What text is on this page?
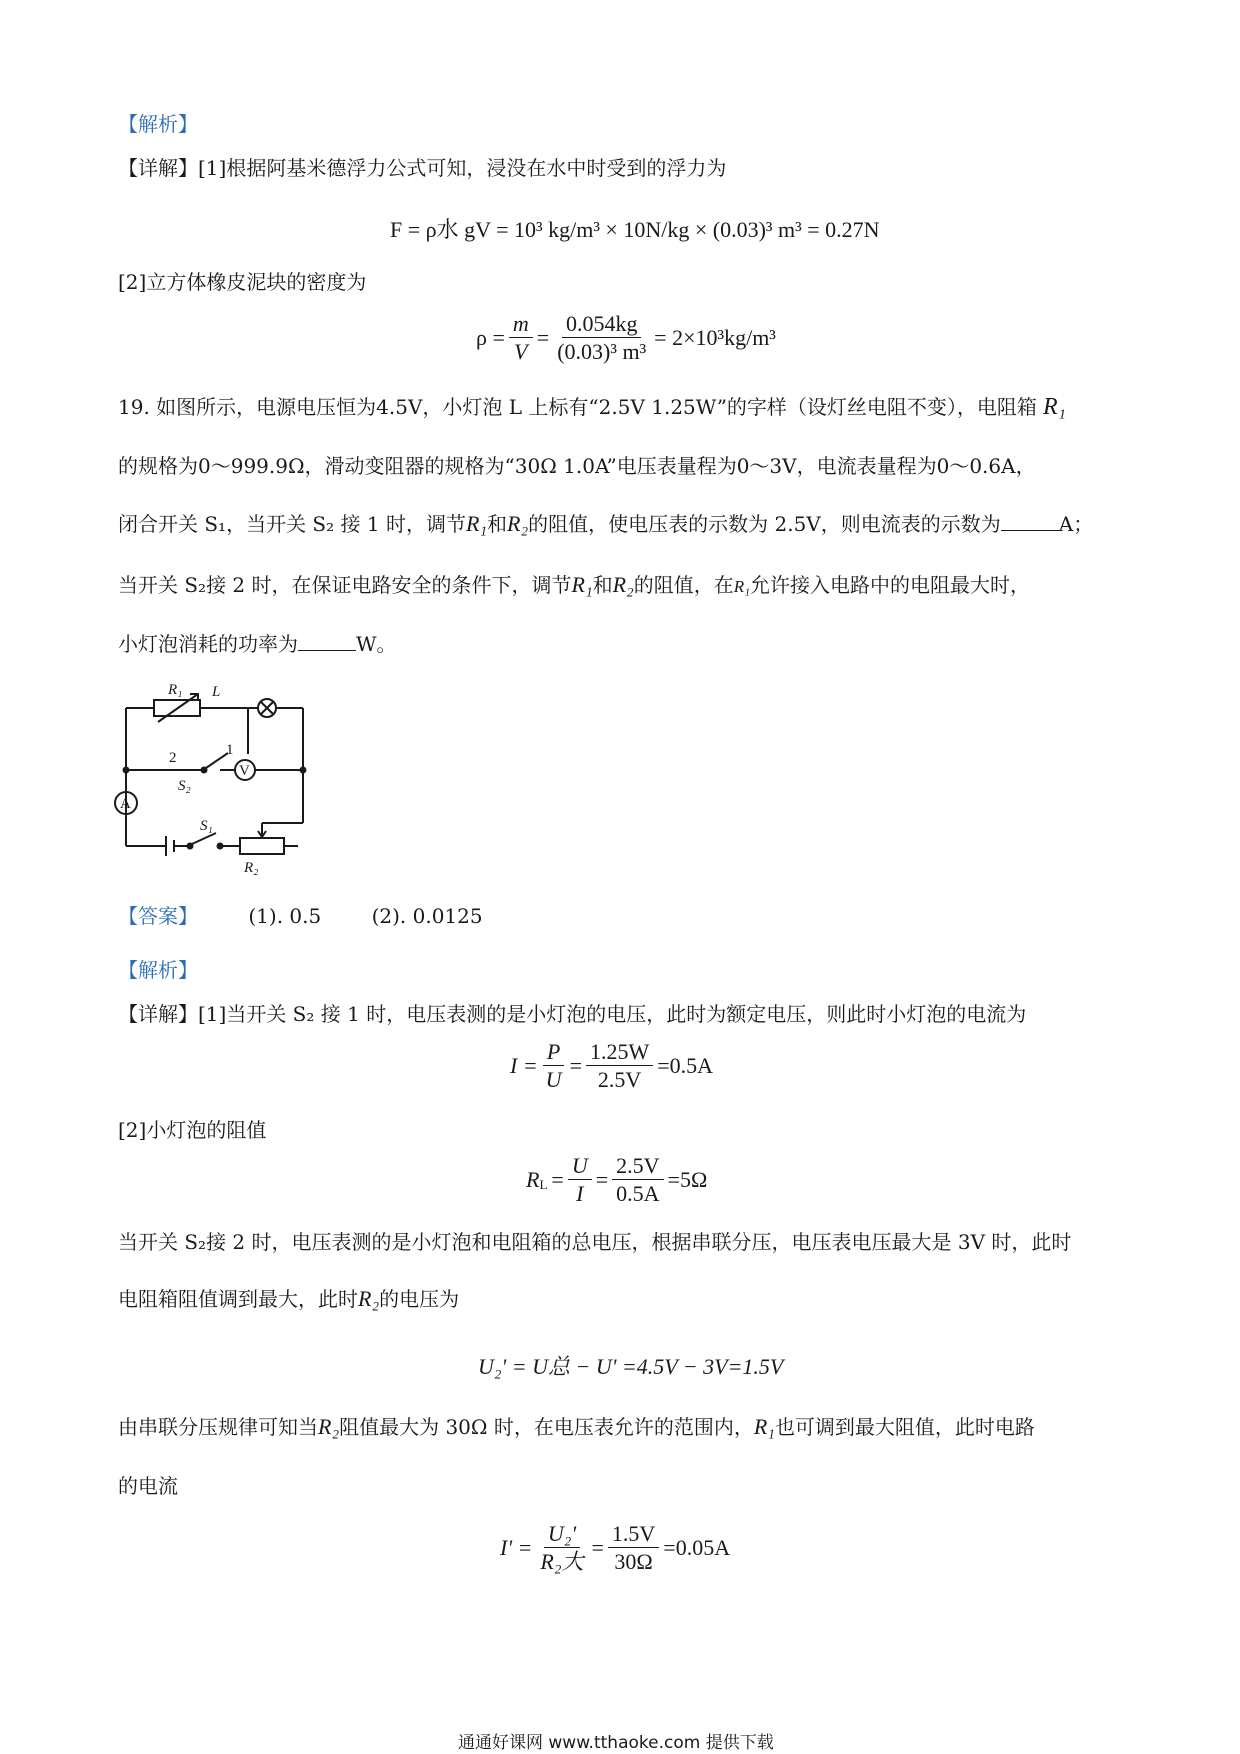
【解析】
【详解】[1]根据阿基米德浮力公式可知，浸没在水中时受到的浮力为
F = ρ水 gV = 10³ kg/m³ × 10N/kg × (0.03)³ m³ = 0.27N
[2]立方体橡皮泥块的密度为
$\rho = \frac{m}{V} = \frac{0.054kg}{\text{(0.03)³ m³}} = 2\times 10^3kg/m^3$
19. 如图所示，电源电压恒为4.5V，小灯泡 L 上标有“2.5V 1.25W”的字样（设灯丝电阻不变），电阻箱 R₁
的规格为0～999.9Ω，滑动变阻器的规格为“30Ω 1.0A”电压表量程为0～3V，电流表量程为0～0.6A，
闭合开关 S₁，当开关 S₂ 接 1 时，调节R₁和R₂的阻值，使电压表的示数为 2.5V，则电流表的示数为	A；
当开关 S₂接 2 时，在保证电路安全的条件下，调节R₁和R₂的阻值，在R₁允许接入电路中的电阻最大时，
小灯泡消耗的功率为	W。
R₁ L
1
2
S₂
V
A
S₁
R₂
【答案】	(1). 0.5	(2). 0.0125
【解析】
【详解】[1]当开关 S₂ 接 1 时，电压表测的是小灯泡的电压，此时为额定电压，则此时小灯泡的电流为
$I = \frac{P}{U} = \frac{1.25W}{2.5V} =0.5A$
[2]小灯泡的阻值
$R_L = \frac{U}{I} = \frac{2.5V}{0.5A} =5\Omega$
当开关 S₂接 2 时，电压表测的是小灯泡和电阻箱的总电压，根据串联分压，电压表电压最大是 3V 时，此时
电阻箱阻值调到最大，此时R₂的电压为
U₂' = U总 − U' =4.5V − 3V=1.5V
由串联分压规律可知当R₂阻值最大为 30Ω 时，在电压表允许的范围内，R₁也可调到最大阻值，此时电路
的电流
$I' = \frac{\text{U₂'}}{\text{R₂大}} = \frac{1.5V}{30\Omega} =0.05A$
通通好课网 www.tthaoke.com 提供下载
